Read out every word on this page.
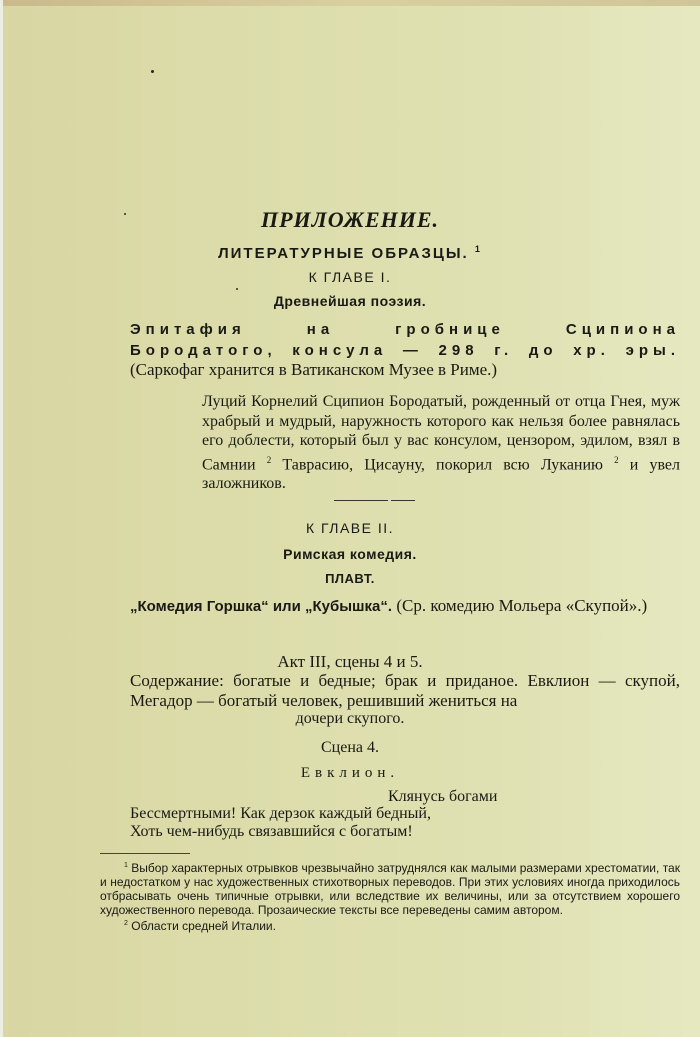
ПРИЛОЖЕНИЕ.
ЛИТЕРАТУРНЫЕ ОБРАЗЦЫ. $^1$
К ГЛАВЕ I.
Древнейшая поэзия.
Эпитафия на гробнице Сципиона Бородатого, консула — 298 г. до хр. эры. (Саркофаг хранится в Ватиканском Музее в Риме.)
Луций Корнелий Сципион Бородатый, рожденный от отца Гнея, муж храбрый и мудрый, наружность которого как нельзя более равнялась его доблести, который был у вас консулом, цензором, эдилом, взял в Самнии $^2$ Таврасию, Цисауну, покорил всю Луканию $^2$ и увел заложников.
К ГЛАВЕ II.
Римская комедия.
ПЛАВТ.
„Комедия Горшка“ или „Кубышка“. (Ср. комедию Мольера «Скупой».)
Акт III, сцены 4 и 5.
Содержание: богатые и бедные; брак и приданое. Евклион — скупой, Мегадор — богатый человек, решивший жениться на
дочери скупого.
Сцена 4.
Евклион.
Клянусь богами
Бессмертными! Как дерзок каждый бедный,
Хоть чем-нибудь связавшийся с богатым!

$^1$ Выбор характерных отрывков чрезвычайно затруднялся как малыми размерами хрестоматии, так и недостатком у нас художественных стихотворных переводов. При этих условиях иногда приходилось отбрасывать очень типичные отрывки, или вследствие их величины, или за отсутствием хорошего художественного перевода. Прозаические тексты все переведены самим автором.

$^2$ Области средней Италии.
